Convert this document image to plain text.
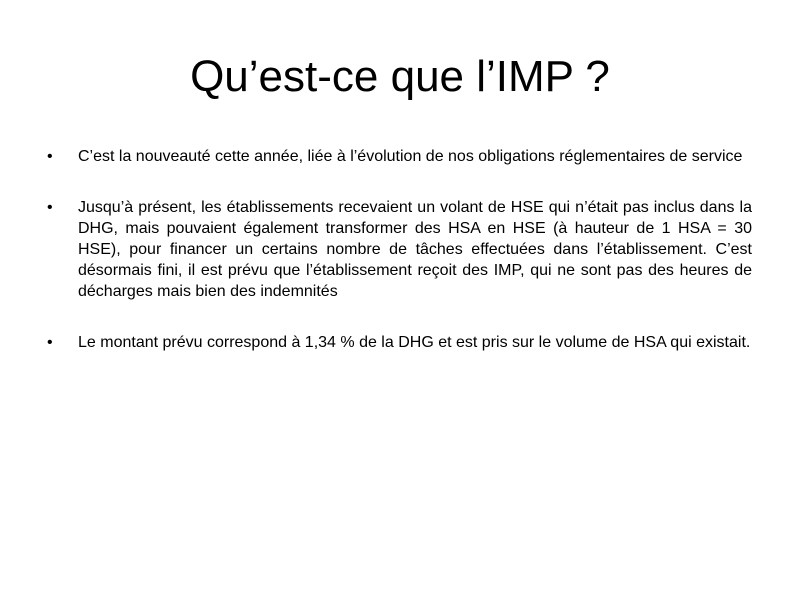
Qu’est-ce que l’IMP ?
• C’est la nouveauté cette année, liée à l’évolution de nos obligations réglementaires de service
• Jusqu’à présent, les établissements recevaient un volant de HSE qui n’était pas inclus dans la DHG, mais pouvaient également transformer des HSA en HSE (à hauteur de 1 HSA = 30 HSE), pour financer un certains nombre de tâches effectuées dans l’établissement. C’est désormais fini, il est prévu que l’établissement reçoit des IMP, qui ne sont pas des heures de décharges mais bien des indemnités
• Le montant prévu correspond à 1,34 % de la DHG et est pris sur le volume de HSA qui existait.
